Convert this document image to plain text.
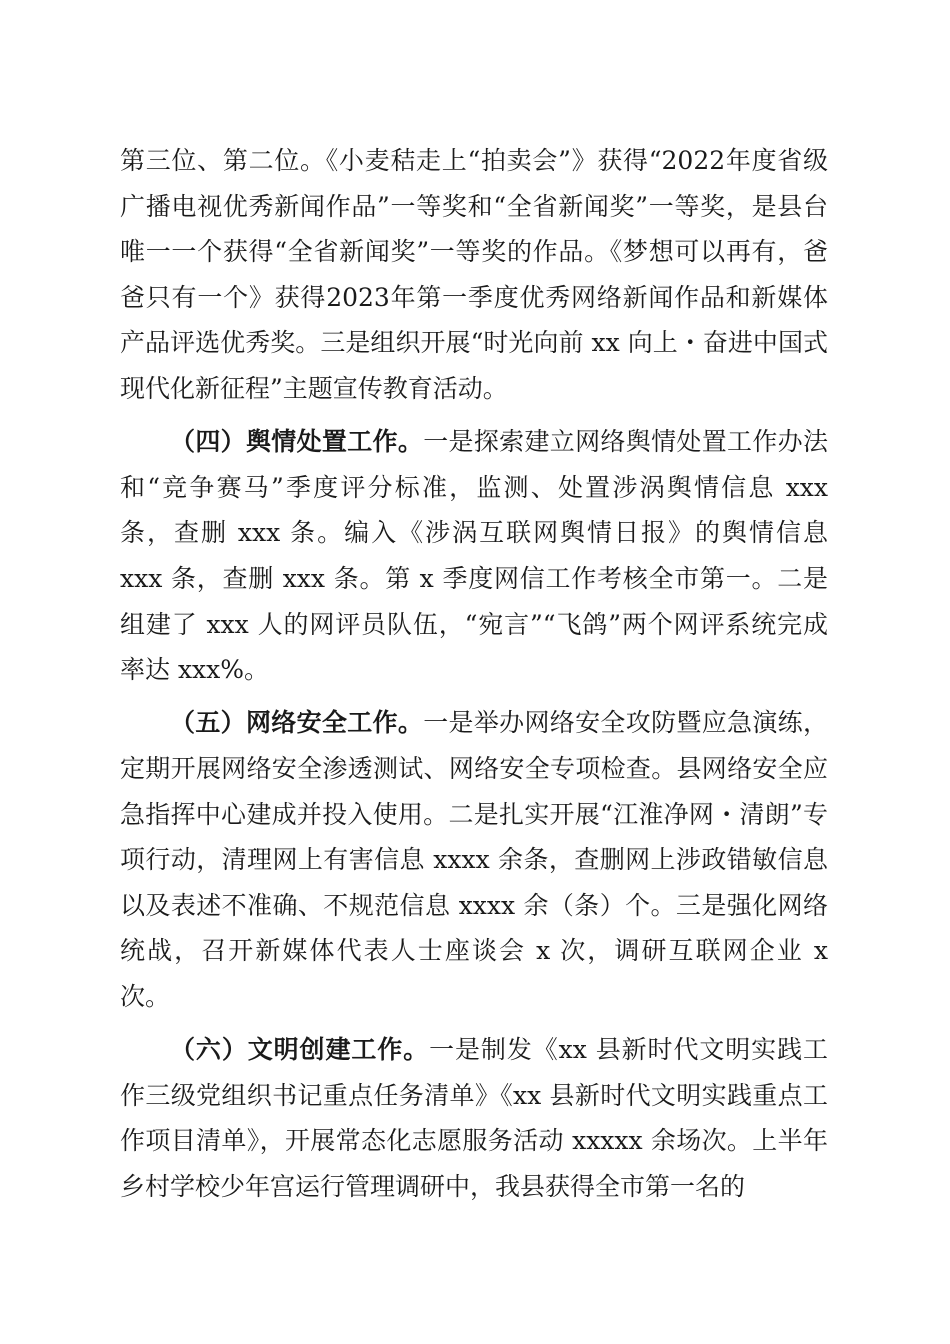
第三位、第二位。《小麦秸走上“拍卖会”》获得“2022年度省级广播电视优秀新闻作品”一等奖和“全省新闻奖”一等奖，是县台唯一一个获得“全省新闻奖”一等奖的作品。《梦想可以再有，爸爸只有一个》获得2023年第一季度优秀网络新闻作品和新媒体产品评选优秀奖。三是组织开展“时光向前 xx 向上・奋进中国式现代化新征程”主题宣传教育活动。

（四）舆情处置工作。一是探索建立网络舆情处置工作办法和“竞争赛马”季度评分标准，监测、处置涉涡舆情信息 xxx 条，查删 xxx 条。编入《涉涡互联网舆情日报》的舆情信息 xxx 条，查删 xxx 条。第 x 季度网信工作考核全市第一。二是组建了 xxx 人的网评员队伍，“宛言”“飞鸽”两个网评系统完成率达 xxx%。

（五）网络安全工作。一是举办网络安全攻防暨应急演练，定期开展网络安全渗透测试、网络安全专项检查。县网络安全应急指挥中心建成并投入使用。二是扎实开展“江淮净网・清朗”专项行动，清理网上有害信息 xxxx 余条，查删网上涉政错敏信息以及表述不准确、不规范信息 xxxx 余（条）个。三是强化网络统战，召开新媒体代表人士座谈会 x 次，调研互联网企业 x 次。

（六）文明创建工作。一是制发《xx 县新时代文明实践工作三级党组织书记重点任务清单》《xx 县新时代文明实践重点工作项目清单》，开展常态化志愿服务活动 xxxxx 余场次。上半年乡村学校少年宫运行管理调研中，我县获得全市第一名的
